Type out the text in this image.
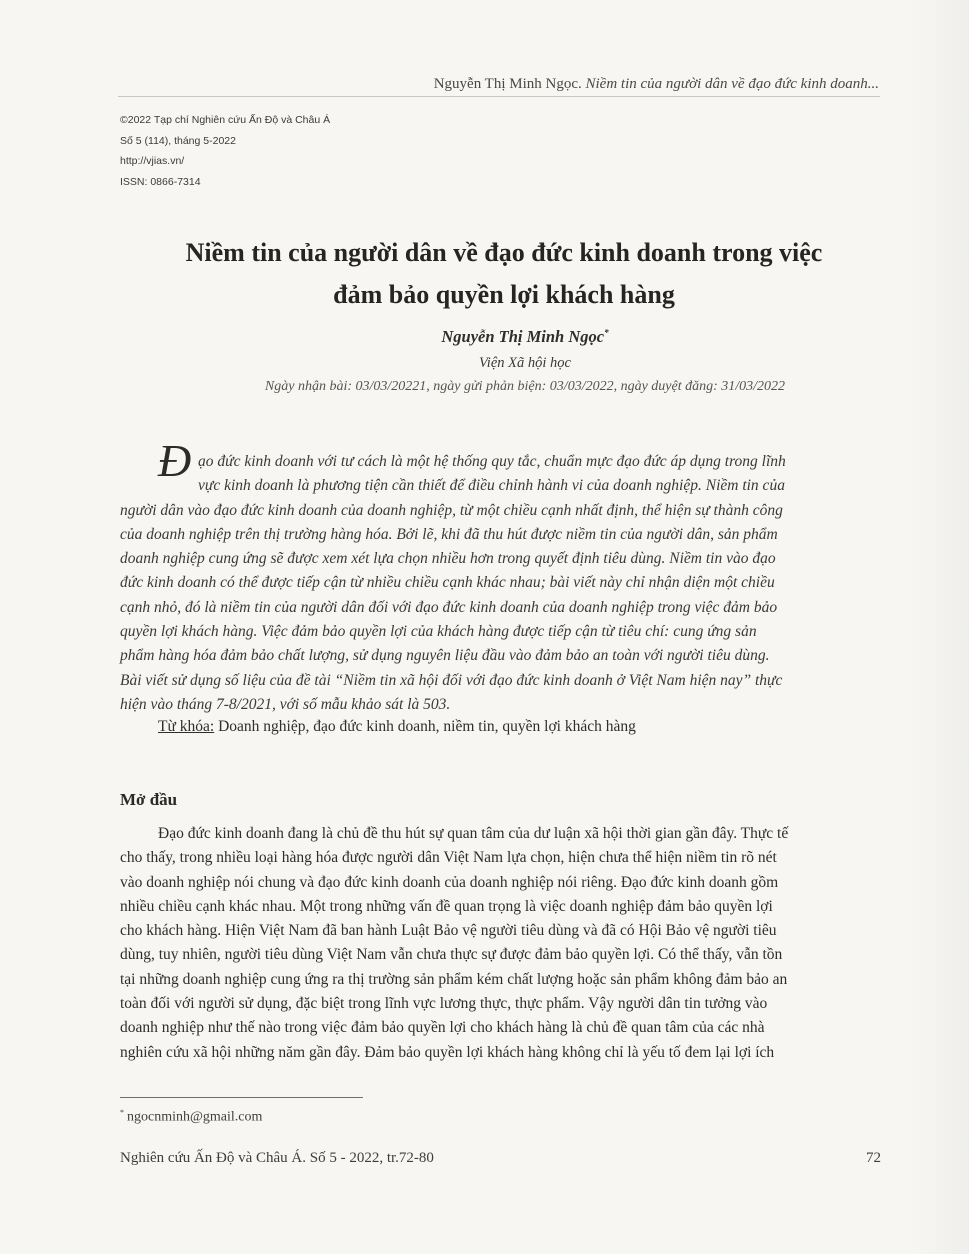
Nguyễn Thị Minh Ngọc. Niềm tin của người dân về đạo đức kinh doanh...
©2022 Tạp chí Nghiên cứu Ấn Độ và Châu Á
Số 5 (114), tháng 5-2022
http://vjias.vn/
ISSN: 0866-7314
Niềm tin của người dân về đạo đức kinh doanh trong việc
đảm bảo quyền lợi khách hàng
Nguyễn Thị Minh Ngọc*
Viện Xã hội học
Ngày nhận bài: 03/03/20221, ngày gửi phản biện: 03/03/2022, ngày duyệt đăng: 31/03/2022
Đ ạo đức kinh doanh với tư cách là một hệ thống quy tắc, chuẩn mực đạo đức áp dụng trong lĩnh
vực kinh doanh là phương tiện cần thiết để điều chỉnh hành vi của doanh nghiệp. Niềm tin của
người dân vào đạo đức kinh doanh của doanh nghiệp, từ một chiều cạnh nhất định, thể hiện sự thành công
của doanh nghiệp trên thị trường hàng hóa. Bởi lẽ, khi đã thu hút được niềm tin của người dân, sản phẩm
doanh nghiệp cung ứng sẽ được xem xét lựa chọn nhiều hơn trong quyết định tiêu dùng. Niềm tin vào đạo
đức kinh doanh có thể được tiếp cận từ nhiều chiều cạnh khác nhau; bài viết này chỉ nhận diện một chiều
cạnh nhỏ, đó là niềm tin của người dân đối với đạo đức kinh doanh của doanh nghiệp trong việc đảm bảo
quyền lợi khách hàng. Việc đảm bảo quyền lợi của khách hàng được tiếp cận từ tiêu chí: cung ứng sản
phẩm hàng hóa đảm bảo chất lượng, sử dụng nguyên liệu đầu vào đảm bảo an toàn với người tiêu dùng.
Bài viết sử dụng số liệu của đề tài “Niềm tin xã hội đối với đạo đức kinh doanh ở Việt Nam hiện nay” thực
hiện vào tháng 7-8/2021, với số mẫu khảo sát là 503.
Từ khóa: Doanh nghiệp, đạo đức kinh doanh, niềm tin, quyền lợi khách hàng
Mở đầu
Đạo đức kinh doanh đang là chủ đề thu hút sự quan tâm của dư luận xã hội thời gian gần đây. Thực tế
cho thấy, trong nhiều loại hàng hóa được người dân Việt Nam lựa chọn, hiện chưa thể hiện niềm tin rõ nét
vào doanh nghiệp nói chung và đạo đức kinh doanh của doanh nghiệp nói riêng. Đạo đức kinh doanh gồm
nhiều chiều cạnh khác nhau. Một trong những vấn đề quan trọng là việc doanh nghiệp đảm bảo quyền lợi
cho khách hàng. Hiện Việt Nam đã ban hành Luật Bảo vệ người tiêu dùng và đã có Hội Bảo vệ người tiêu
dùng, tuy nhiên, người tiêu dùng Việt Nam vẫn chưa thực sự được đảm bảo quyền lợi. Có thể thấy, vẫn tồn
tại những doanh nghiệp cung ứng ra thị trường sản phẩm kém chất lượng hoặc sản phẩm không đảm bảo an
toàn đối với người sử dụng, đặc biệt trong lĩnh vực lương thực, thực phẩm. Vậy người dân tin tưởng vào
doanh nghiệp như thế nào trong việc đảm bảo quyền lợi cho khách hàng là chủ đề quan tâm của các nhà
nghiên cứu xã hội những năm gần đây. Đảm bảo quyền lợi khách hàng không chỉ là yếu tố đem lại lợi ích
* ngocnminh@gmail.com
Nghiên cứu Ấn Độ và Châu Á. Số 5 - 2022, tr.72-80	72
